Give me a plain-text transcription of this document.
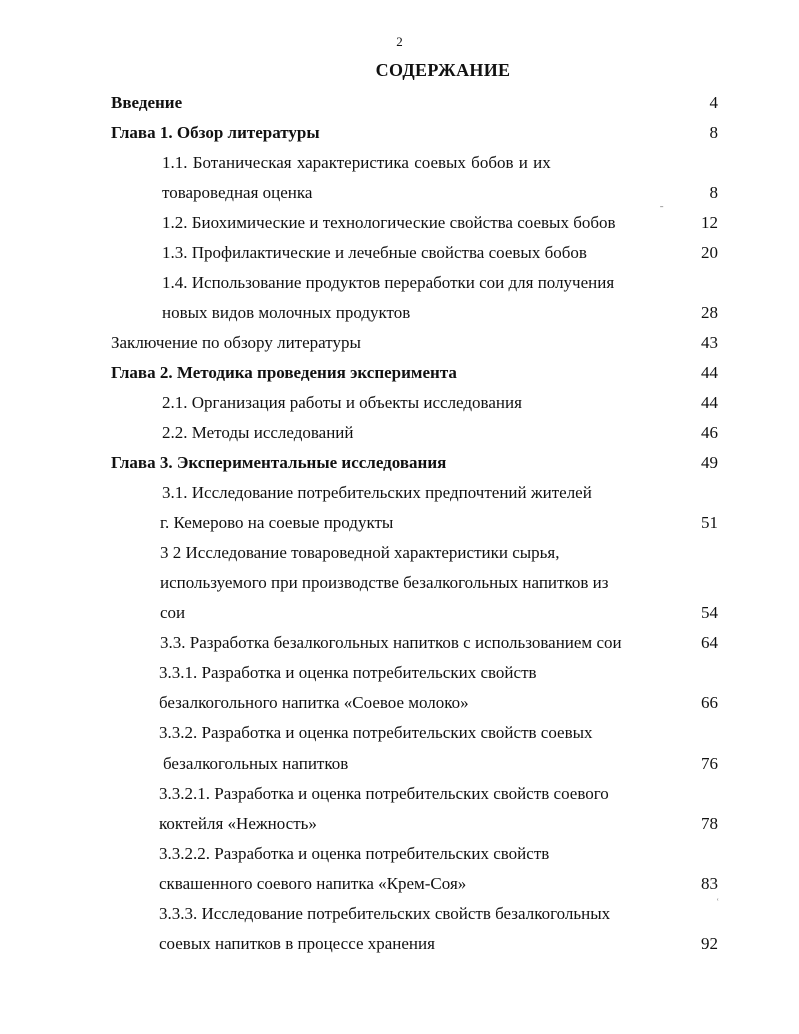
2
СОДЕРЖАНИЕ
Введение	4
Глава 1. Обзор литературы	8
1.1. Ботаническая характеристика соевых бобов и их
товароведная оценка	8
1.2. Биохимические и технологические свойства соевых бобов	12
1.3. Профилактические и лечебные свойства соевых бобов	20
1.4. Использование продуктов переработки сои для получения
новых видов молочных продуктов	28
Заключение по обзору литературы	43
Глава 2. Методика проведения эксперимента	44
2.1. Организация работы и объекты исследования	44
2.2. Методы исследований	46
Глава 3. Экспериментальные исследования	49
3.1. Исследование потребительских предпочтений жителей
г. Кемерово на соевые продукты	51
3 2 Исследование товароведной характеристики сырья,
используемого при производстве безалкогольных напитков из
сои	54
3.3. Разработка безалкогольных напитков с использованием сои	64
3.3.1. Разработка и оценка потребительских свойств
безалкогольного напитка «Соевое молоко»	66
3.3.2. Разработка и оценка потребительских свойств соевых
безалкогольных напитков	76
3.3.2.1. Разработка и оценка потребительских свойств соевого
коктейля «Нежность»	78
3.3.2.2. Разработка и оценка потребительских свойств
сквашенного соевого напитка «Крем-Соя»	83
3.3.3. Исследование потребительских свойств безалкогольных
соевых напитков в процессе хранения	92
ˉ
˓
